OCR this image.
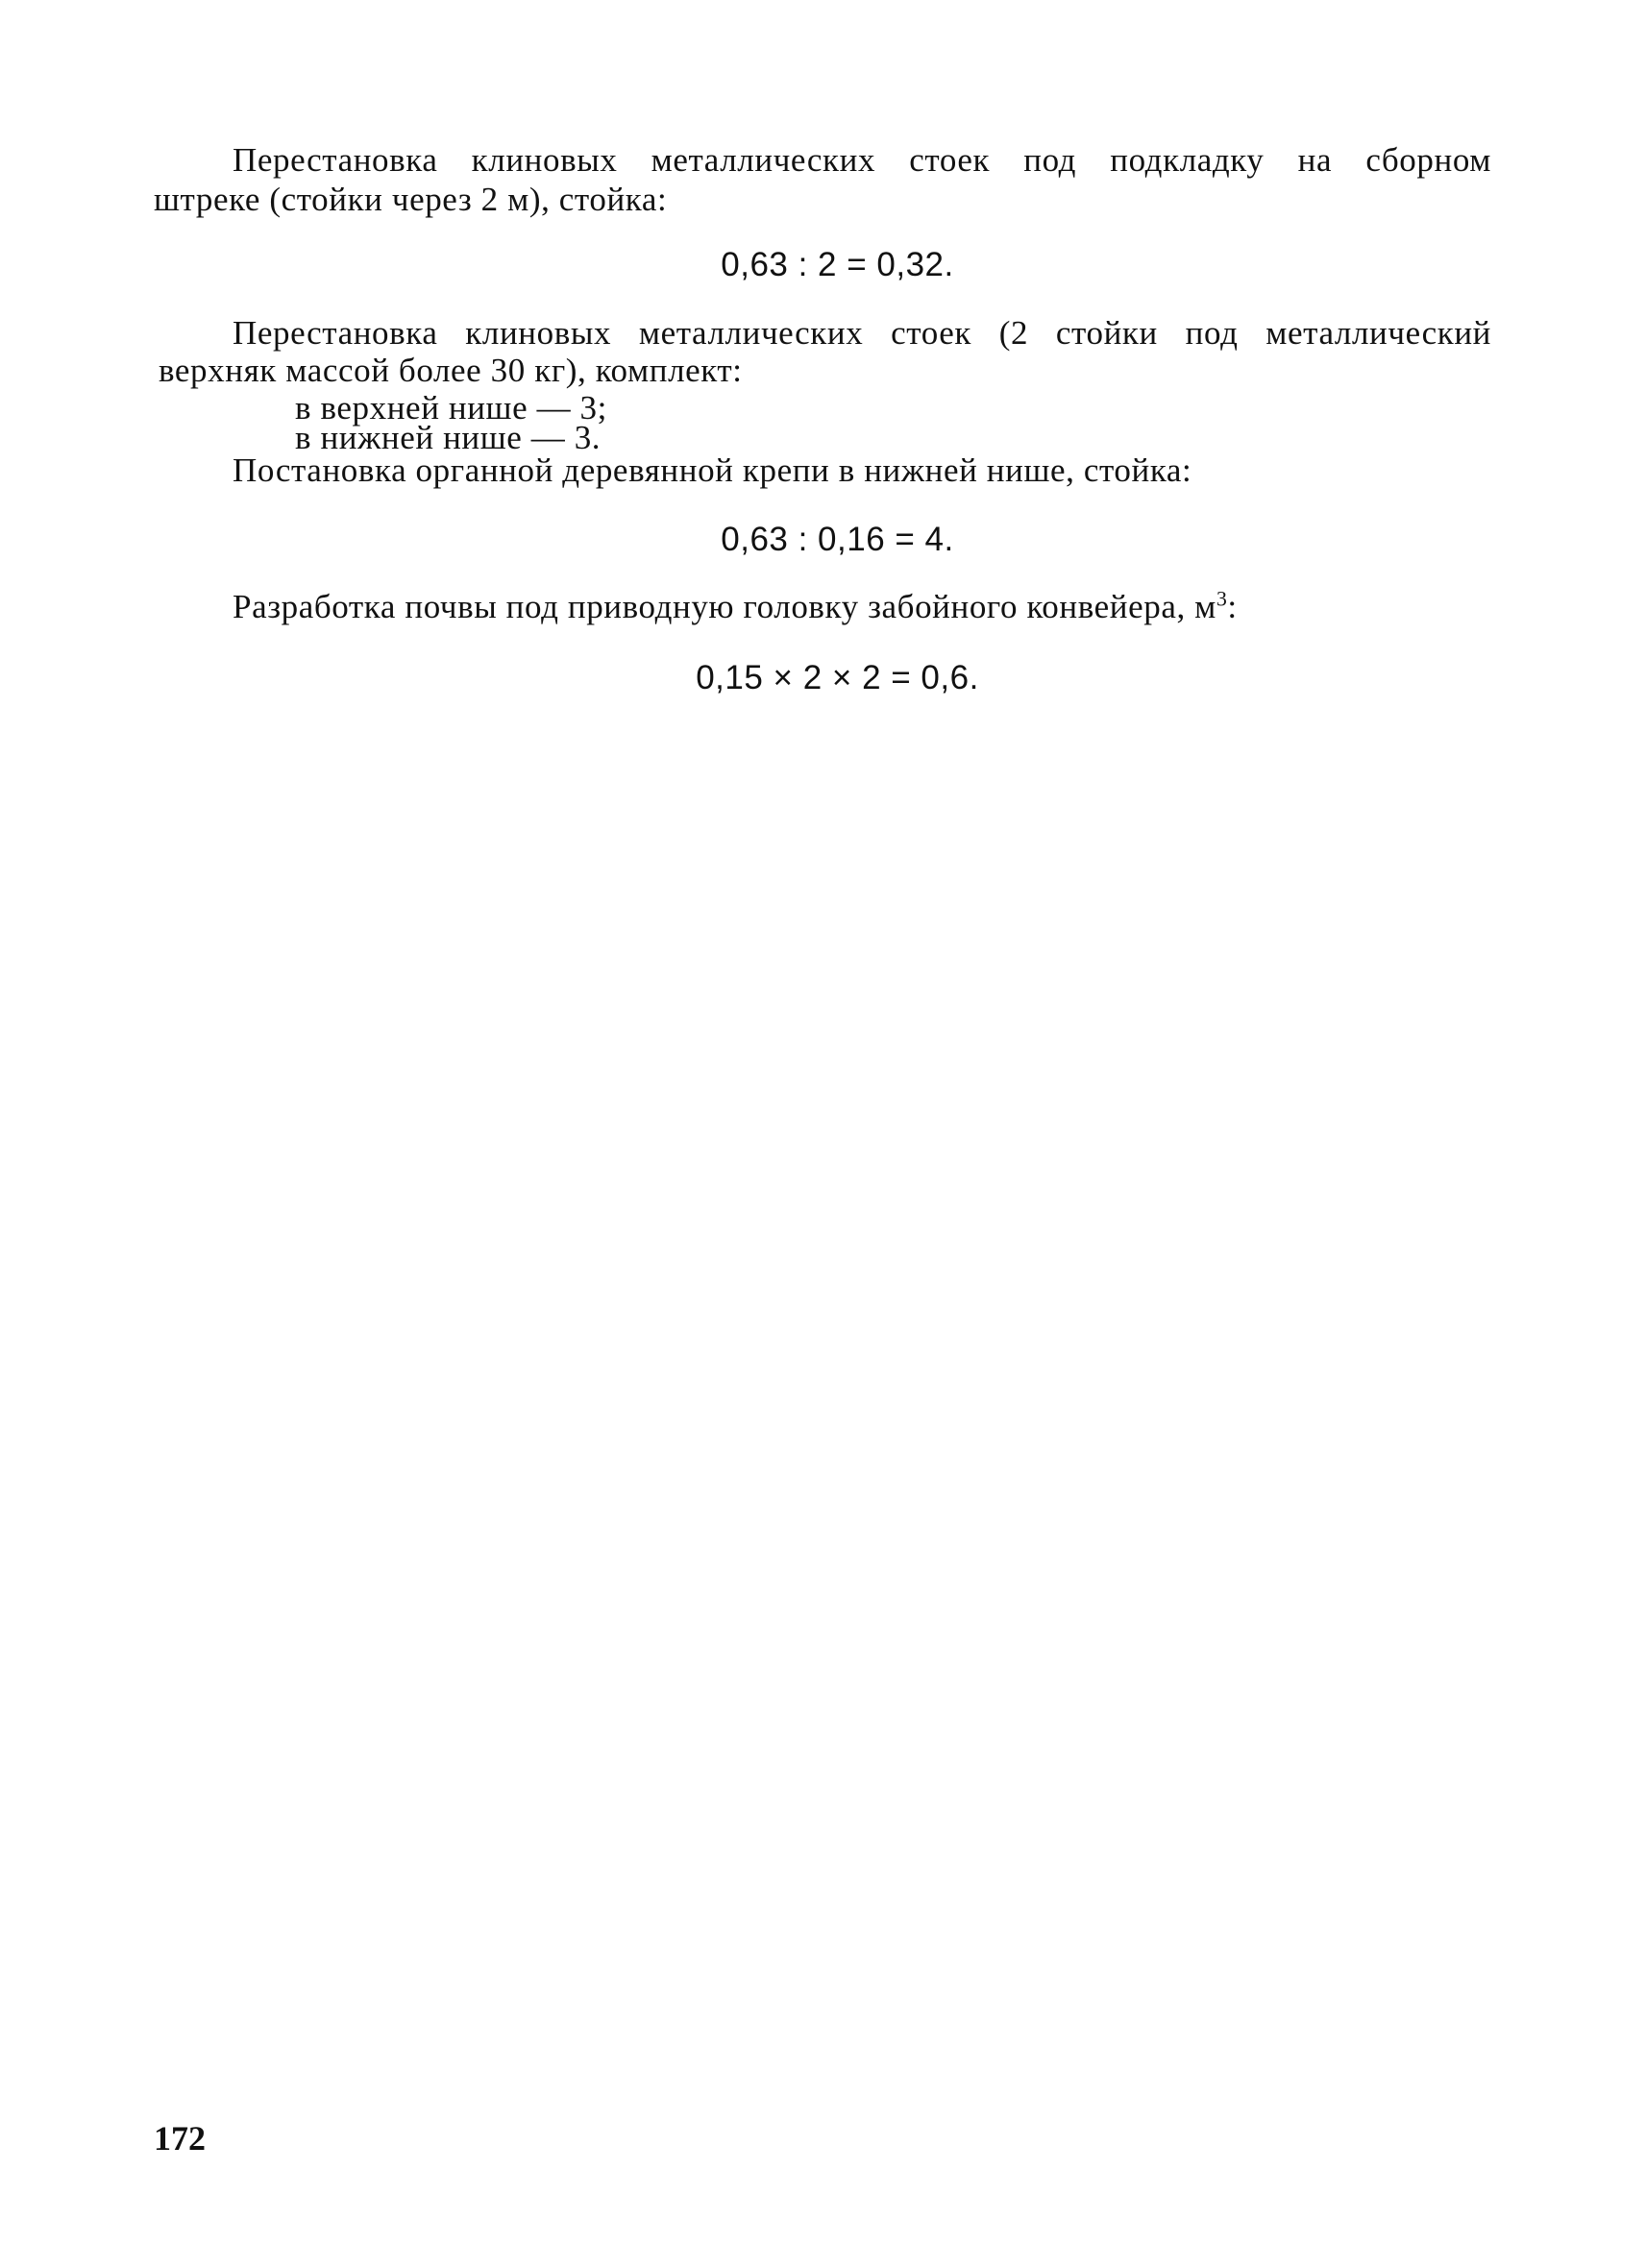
Перестановка клиновых металлических стоек под подкладку на сборном
штреке (стойки через 2 м), стойка:
0,63 : 2 = 0,32.
Перестановка клиновых металлических стоек (2 стойки под металлический
верхняк массой более 30 кг), комплект:
в верхней нише — 3;
в нижней нише — 3.
Постановка органной деревянной крепи в нижней нише, стойка:
0,63 : 0,16 = 4.
Разработка почвы под приводную головку забойного конвейера, $м^3$:
0,15 × 2 × 2 = 0,6.
172
